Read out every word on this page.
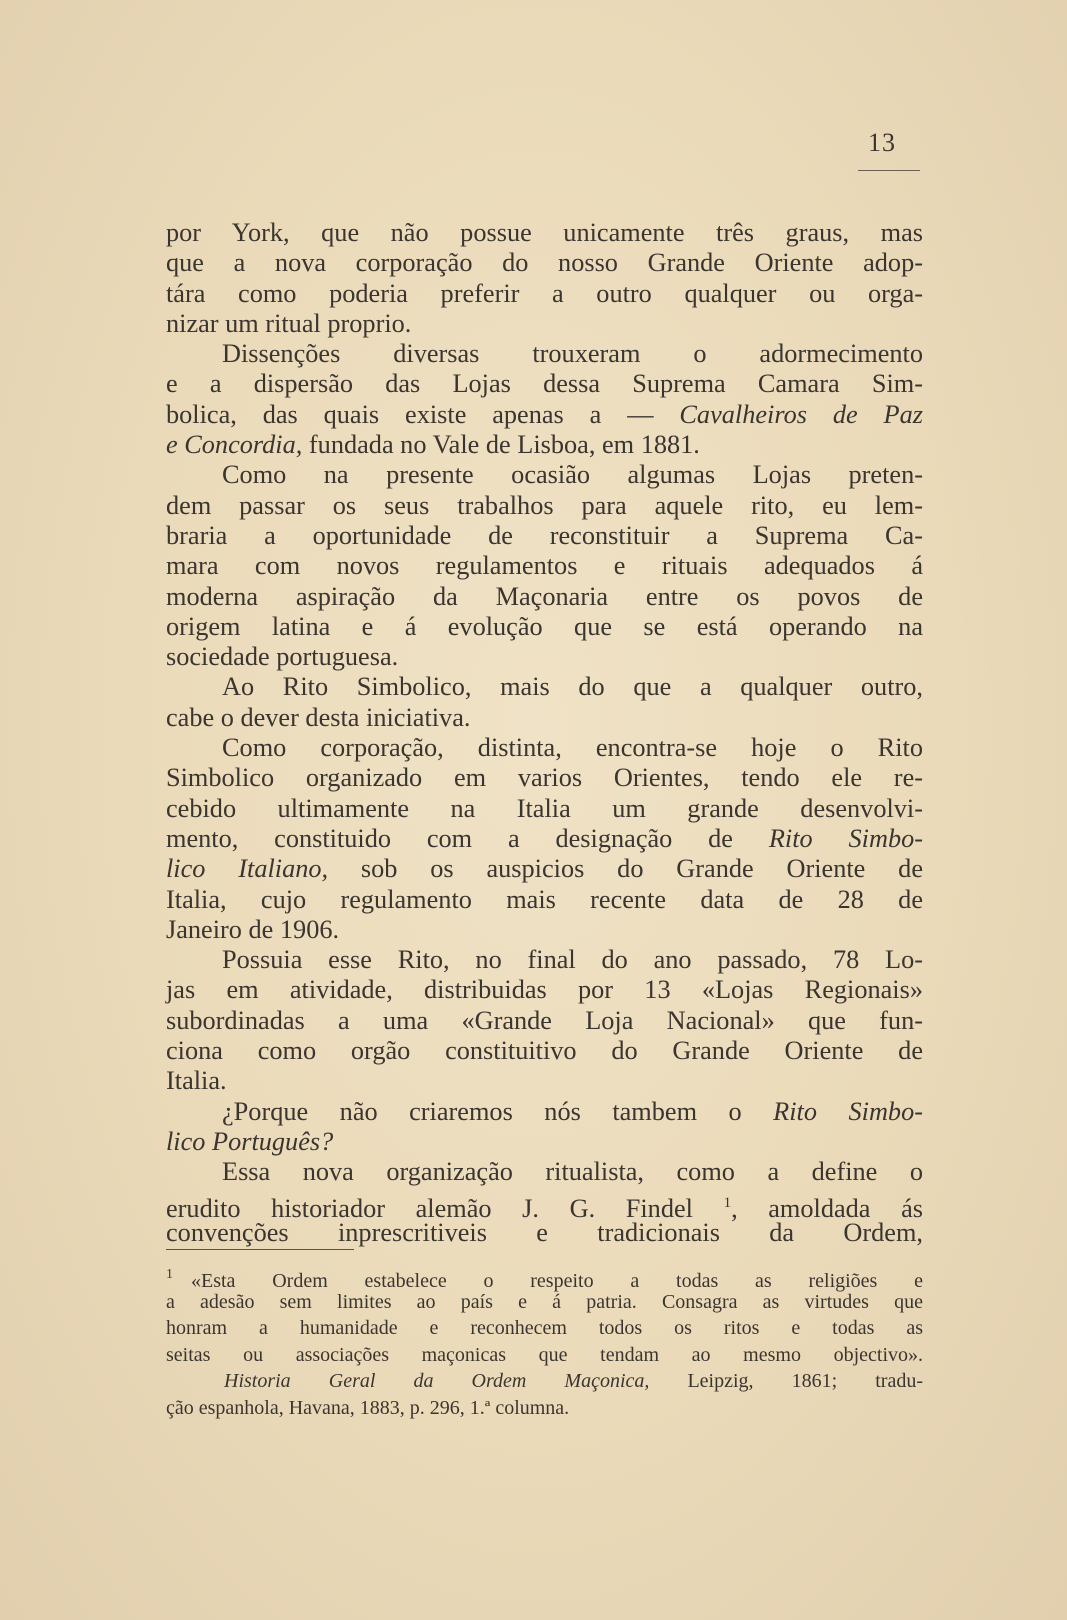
13
por York, que não possue unicamente três graus, mas
que a nova corporação do nosso Grande Oriente adop-
tára como poderia preferir a outro qualquer ou orga-
nizar um ritual proprio.
Dissenções diversas trouxeram o adormecimento
e a dispersão das Lojas dessa Suprema Camara Sim-
bolica, das quais existe apenas a — Cavalheiros de Paz
e Concordia, fundada no Vale de Lisboa, em 1881.
Como na presente ocasião algumas Lojas preten-
dem passar os seus trabalhos para aquele rito, eu lem-
braria a oportunidade de reconstituir a Suprema Ca-
mara com novos regulamentos e rituais adequados á
moderna aspiração da Maçonaria entre os povos de
origem latina e á evolução que se está operando na
sociedade portuguesa.
Ao Rito Simbolico, mais do que a qualquer outro,
cabe o dever desta iniciativa.
Como corporação, distinta, encontra-se hoje o Rito
Simbolico organizado em varios Orientes, tendo ele re-
cebido ultimamente na Italia um grande desenvolvi-
mento, constituido com a designação de Rito Simbo-
lico Italiano, sob os auspicios do Grande Oriente de
Italia, cujo regulamento mais recente data de 28 de
Janeiro de 1906.
Possuia esse Rito, no final do ano passado, 78 Lo-
jas em atividade, distribuidas por 13 «Lojas Regionais»
subordinadas a uma «Grande Loja Nacional» que fun-
ciona como orgão constituitivo do Grande Oriente de
Italia.
¿Porque não criaremos nós tambem o Rito Simbo-
lico Português?
Essa nova organização ritualista, como a define o
erudito historiador alemão J. G. Findel $^1$, amoldada ás
convenções inprescritiveis e tradicionais da Ordem,
$^1$ «Esta Ordem estabelece o respeito a todas as religiões e
a adesão sem limites ao país e á patria. Consagra as virtudes que
honram a humanidade e reconhecem todos os ritos e todas as
seitas ou associações maçonicas que tendam ao mesmo objectivo».
Historia Geral da Ordem Maçonica, Leipzig, 1861; tradu-
ção espanhola, Havana, 1883, p. 296, 1.ª columna.
